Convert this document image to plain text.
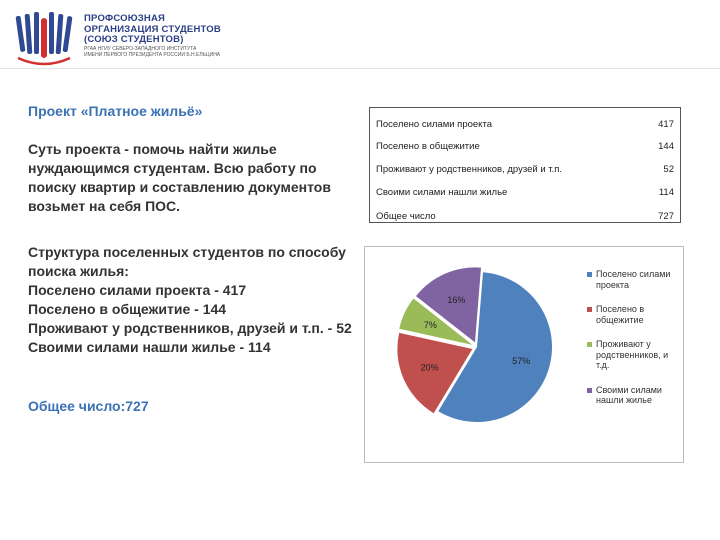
ПРОФСОЮЗНАЯ
ОРГАНИЗАЦИЯ СТУДЕНТОВ
(СОЮЗ СТУДЕНТОВ)
РГАА НГИУ СЕВЕРО-ЗАПАДНОГО ИНСТИТУТА
ИМЕНИ ПЕРВОГО ПРЕЗИДЕНТА РОССИИ Б.Н.ЕЛЬЦИНА
Проект «Платное жильё»
Суть проекта - помочь найти жилье нуждающимся студентам. Всю работу по поиску квартир и составлению документов возьмет на себя ПОС.
Структура поселенных студентов по способу поиска жилья:
Поселено силами проекта - 417
Поселено в общежитие - 144
Проживают у родственников, друзей и т.п. - 52
Своими силами нашли жилье - 114
Общее число:727
Поселено силами проекта	417
Поселено в общежитие	144
Проживают у родственников, друзей и т.п.	52
Своими силами нашли жилье	114
Общее число	727
57%
20%
7%
16%
Поселено силами проекта
Поселено в общежитие
Проживают у родственников, и т.д.
Своими силами нашли жилье
